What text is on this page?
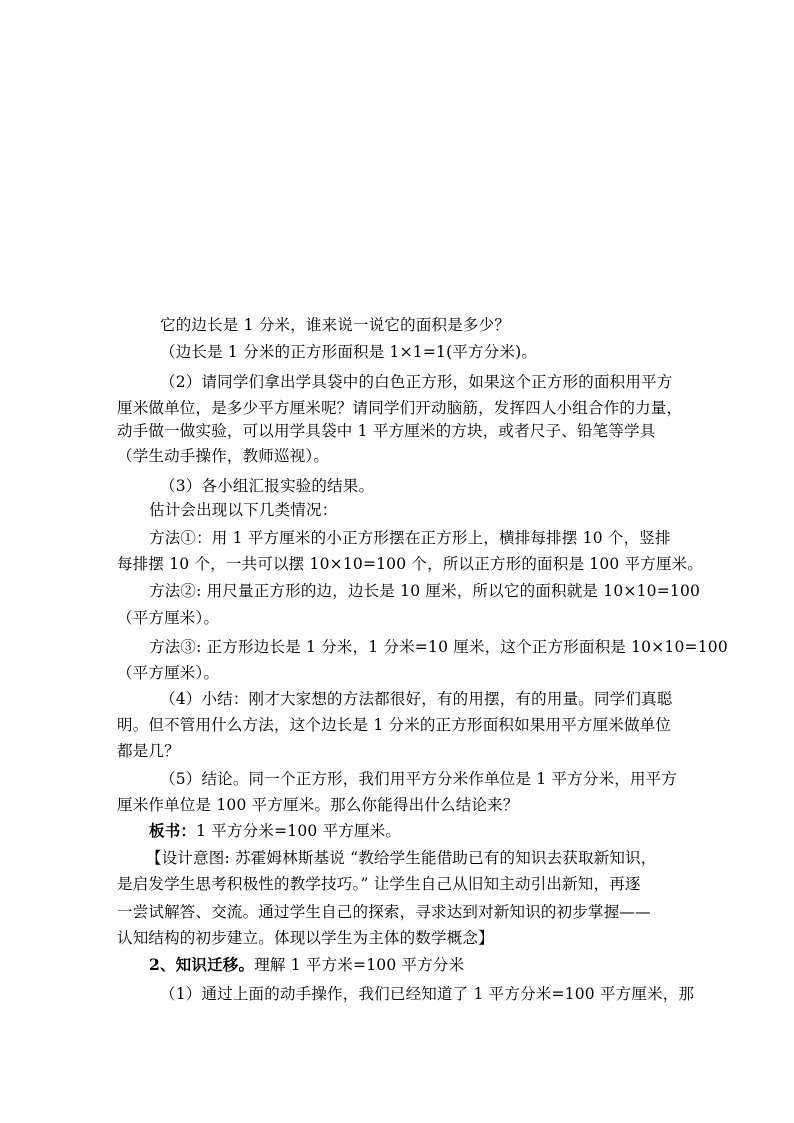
它的边长是 1 分米，谁来说一说它的面积是多少？
（边长是 1 分米的正方形面积是 1×1=1(平方分米)。
（2）请同学们拿出学具袋中的白色正方形，如果这个正方形的面积用平方
厘米做单位，是多少平方厘米呢？请同学们开动脑筋，发挥四人小组合作的力量，
动手做一做实验，可以用学具袋中 1 平方厘米的方块，或者尺子、铅笔等学具
（学生动手操作，教师巡视）。
（3）各小组汇报实验的结果。
估计会出现以下几类情况：
方法①：用 1 平方厘米的小正方形摆在正方形上，横排每排摆 10 个，竖排
每排摆 10 个，一共可以摆 10×10=100 个，所以正方形的面积是 100 平方厘米。
方法②: 用尺量正方形的边，边长是 10 厘米，所以它的面积就是 10×10=100
（平方厘米）。
方法③: 正方形边长是 1 分米，1 分米=10 厘米，这个正方形面积是 10×10=100
（平方厘米）。
（4）小结：刚才大家想的方法都很好，有的用摆，有的用量。同学们真聪
明。但不管用什么方法，这个边长是 1 分米的正方形面积如果用平方厘米做单位
都是几？
（5）结论。同一个正方形，我们用平方分米作单位是 1 平方分米，用平方
厘米作单位是 100 平方厘米。那么你能得出什么结论来？
板书：1 平方分米=100 平方厘米。
【设计意图: 苏霍姆林斯基说 “教给学生能借助已有的知识去获取新知识，
是启发学生思考积极性的教学技巧。” 让学生自己从旧知主动引出新知，再逐
一尝试解答、交流。通过学生自己的探索，寻求达到对新知识的初步掌握——
认知结构的初步建立。体现以学生为主体的数学概念】
2、知识迁移。理解 1 平方米=100 平方分米
（1）通过上面的动手操作，我们已经知道了 1 平方分米=100 平方厘米，那
